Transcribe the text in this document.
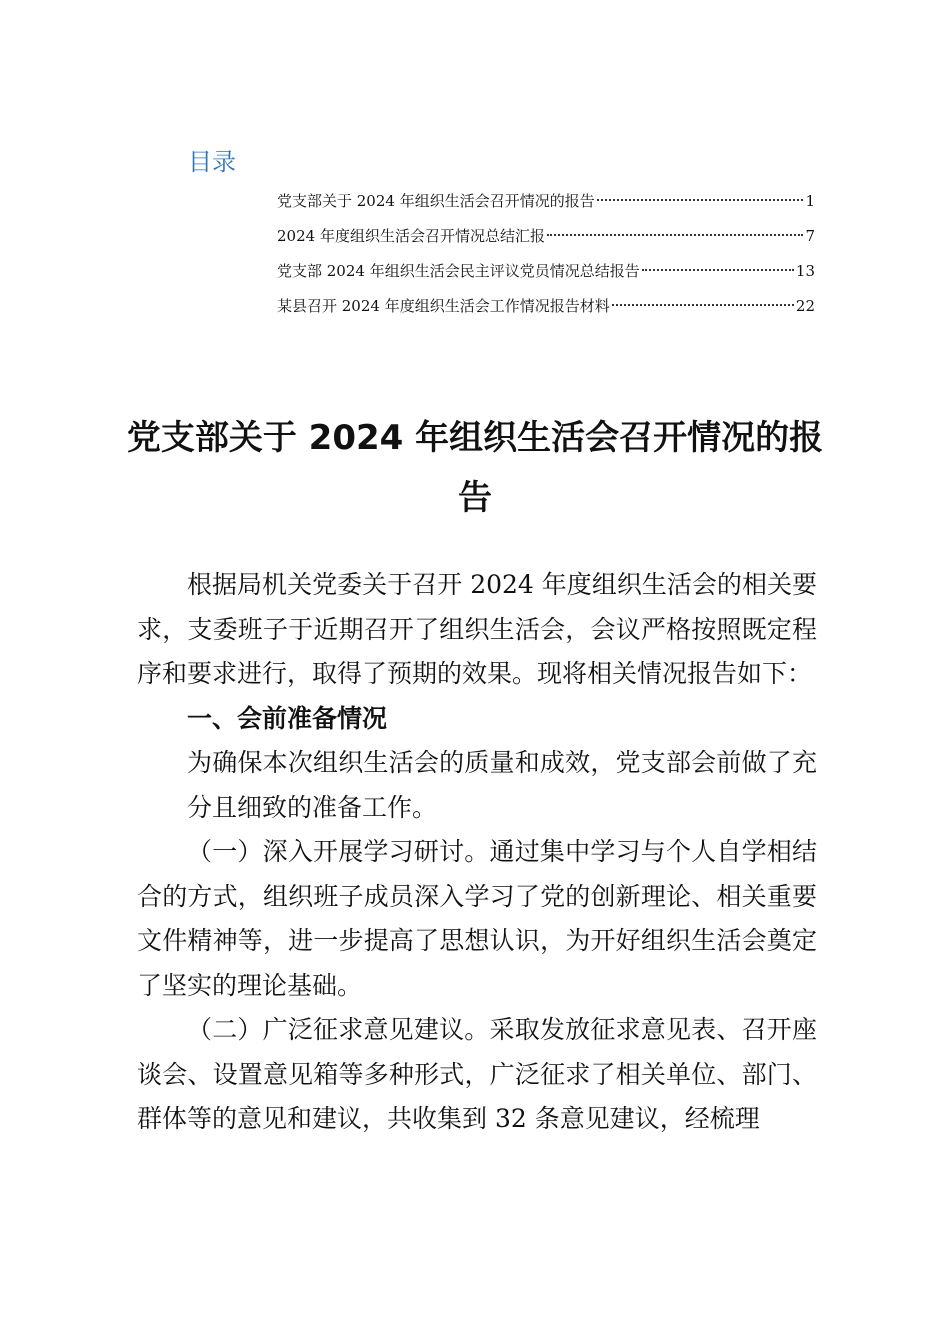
目录
党支部关于 2024 年组织生活会召开情况的报告	1
2024 年度组织生活会召开情况总结汇报	7
党支部 2024 年组织生活会民主评议党员情况总结报告	13
某县召开 2024 年度组织生活会工作情况报告材料	22
党支部关于 2024 年组织生活会召开情况的报告

根据局机关党委关于召开 2024 年度组织生活会的相关要求，支委班子于近期召开了组织生活会，会议严格按照既定程序和要求进行，取得了预期的效果。现将相关情况报告如下：

一、会前准备情况

为确保本次组织生活会的质量和成效，党支部会前做了充分且细致的准备工作。

（一）深入开展学习研讨。通过集中学习与个人自学相结合的方式，组织班子成员深入学习了党的创新理论、相关重要文件精神等，进一步提高了思想认识，为开好组织生活会奠定了坚实的理论基础。

（二）广泛征求意见建议。采取发放征求意见表、召开座谈会、设置意见箱等多种形式，广泛征求了相关单位、部门、群体等的意见和建议，共收集到 32 条意见建议，经梳理
